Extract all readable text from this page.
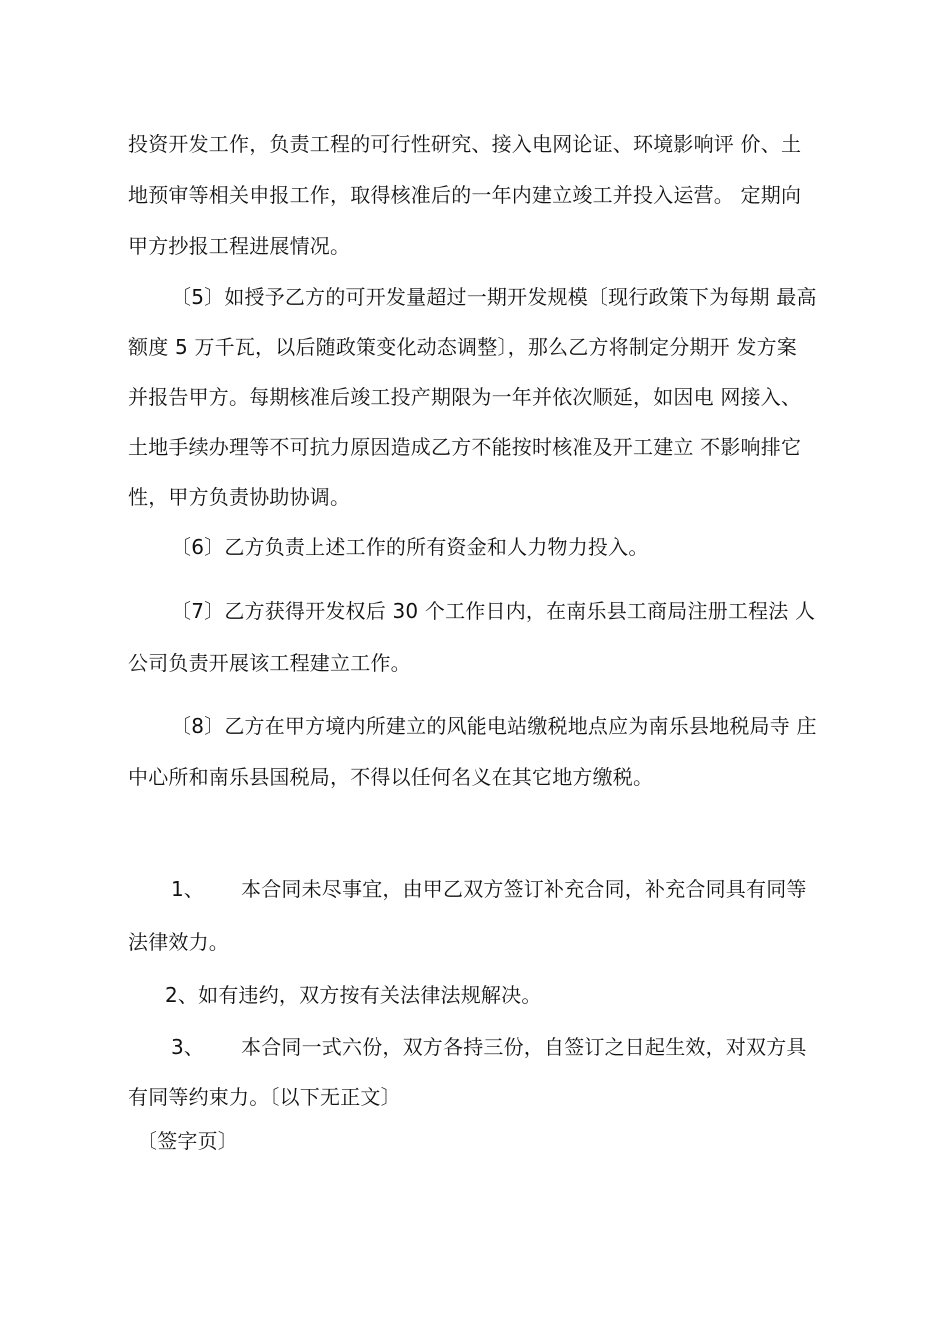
投资开发工作，负责工程的可行性研究、接入电网论证、环境影响评 价、土
地预审等相关申报工作，取得核准后的一年内建立竣工并投入运营。 定期向
甲方抄报工程进展情况。
〔5〕如授予乙方的可开发量超过一期开发规模〔现行政策下为每期 最高
额度 5 万千瓦，以后随政策变化动态调整〕，那么乙方将制定分期开 发方案
并报告甲方。每期核准后竣工投产期限为一年并依次顺延，如因电 网接入、
土地手续办理等不可抗力原因造成乙方不能按时核准及开工建立 不影响排它
性，甲方负责协助协调。
〔6〕乙方负责上述工作的所有资金和人力物力投入。
〔7〕乙方获得开发权后 30 个工作日内，在南乐县工商局注册工程法 人
公司负责开展该工程建立工作。
〔8〕乙方在甲方境内所建立的风能电站缴税地点应为南乐县地税局寺 庄
中心所和南乐县国税局，不得以任何名义在其它地方缴税。
1、 本合同未尽事宜，由甲乙双方签订补充合同，补充合同具有同等
法律效力。
2、如有违约，双方按有关法律法规解决。
3、 本合同一式六份，双方各持三份，自签订之日起生效，对双方具
有同等约束力。〔以下无正文〕
〔签字页〕
